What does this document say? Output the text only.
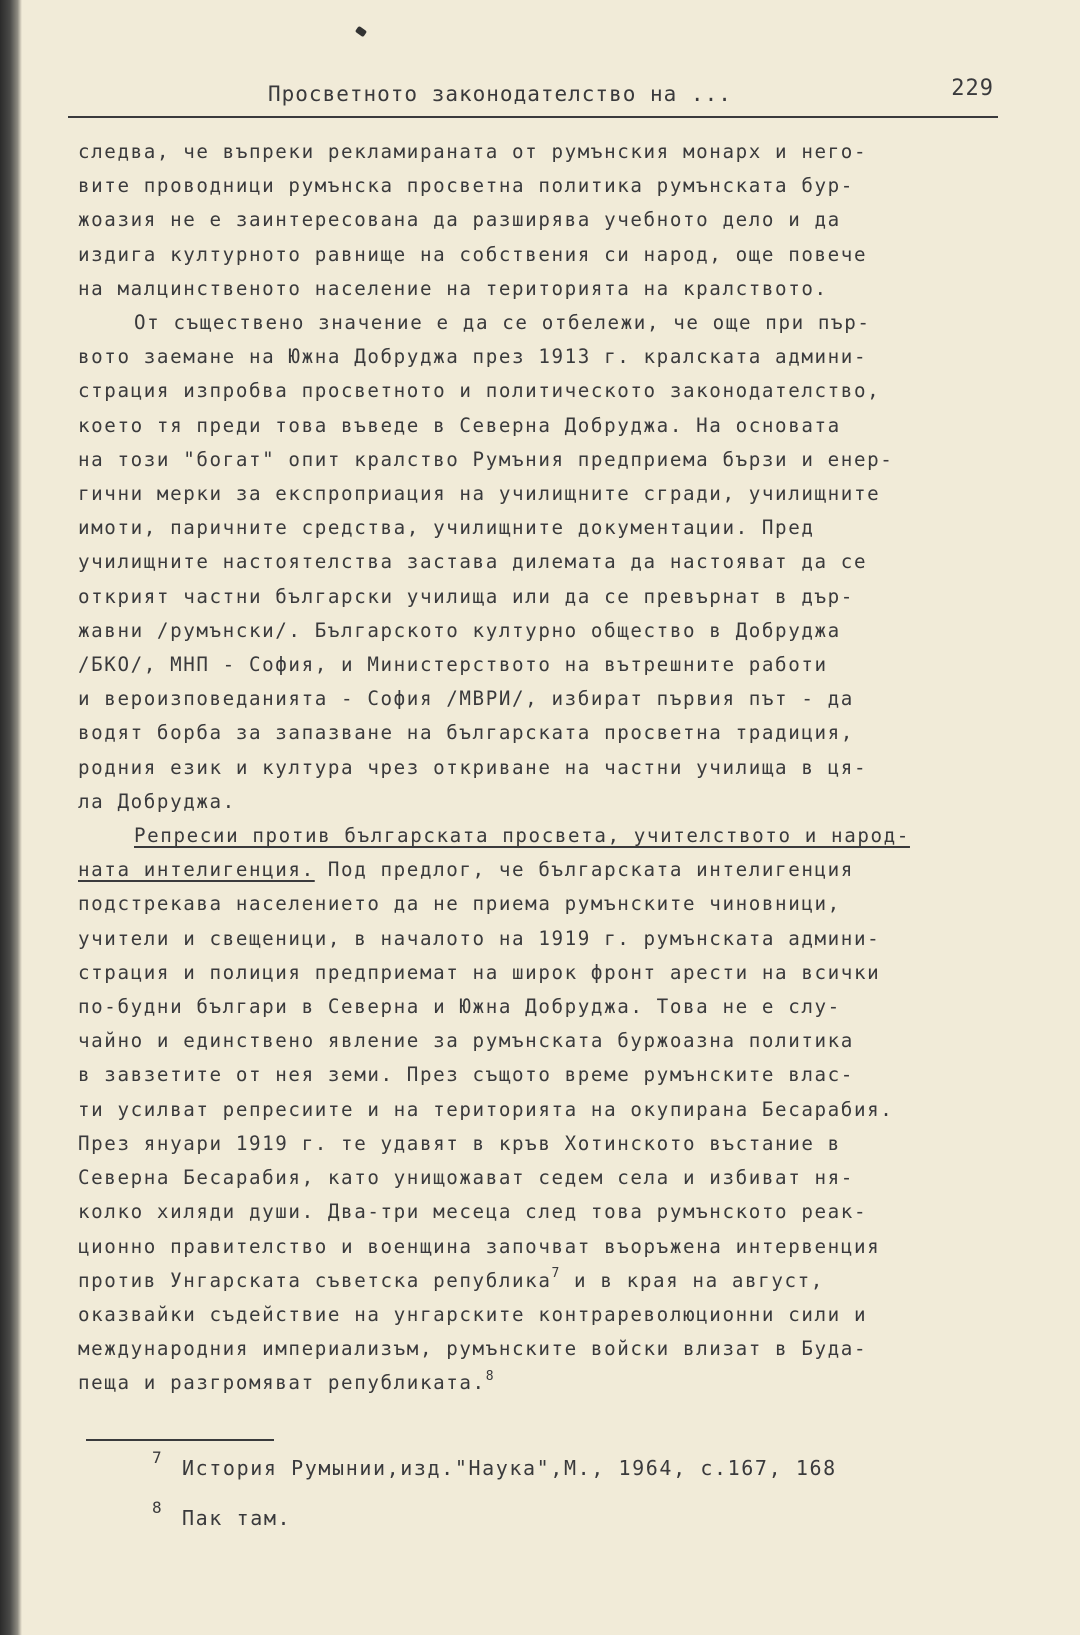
Просветното законодателство на ...	229
следва, че въпреки рекламираната от румънския монарх и него-
вите проводници румънска просветна политика румънската бур-
жоазия не е заинтересована да разширява учебното дело и да
издига културното равнище на собствения си народ, още повече
на малцинственото население на територията на кралството.
От съществено значение е да се отбележи, че още при пър-
вото заемане на Южна Добруджа през 1913 г. кралската админи-
страция изпробва просветното и политическото законодателство,
което тя преди това въведе в Северна Добруджа. На основата
на този "богат" опит кралство Румъния предприема бързи и енер-
гични мерки за експроприация на училищните сгради, училищните
имоти, паричните средства, училищните документации. Пред
училищните настоятелства застава дилемата да настояват да се
открият частни български училища или да се превърнат в дър-
жавни /румънски/. Българското културно общество в Добруджа
/БКО/, МНП - София, и Министерството на вътрешните работи
и вероизповеданията - София /МВРИ/, избират първия път - да
водят борба за запазване на българската просветна традиция,
родния език и култура чрез откриване на частни училища в ця-
ла Добруджа.
Репресии против българската просвета, учителството и народ-
ната интелигенция. Под предлог, че българската интелигенция
подстрекава населението да не приема румънските чиновници,
учители и свещеници, в началото на 1919 г. румънската админи-
страция и полиция предприемат на широк фронт арести на всички
по-будни българи в Северна и Южна Добруджа. Това не е слу-
чайно и единствено явление за румънската буржоазна политика
в завзетите от нея земи. През същото време румънските влас-
ти усилват репресиите и на територията на окупирана Бесарабия.
През януари 1919 г. те удавят в кръв Хотинското въстание в
Северна Бесарабия, като унищожават седем села и избиват ня-
колко хиляди души. Два-три месеца след това румънското реак-
ционно правителство и военщина започват въоръжена интервенция
против Унгарската съветска република$^7$ и в края на август,
оказвайки съдействие на унгарските контрареволюционни сили и
международния империализъм, румънските войски влизат в Буда-
пеща и разгромяват републиката.$^8$
7 История Румынии,изд."Наука",М., 1964, с.167, 168
8 Пак там.
